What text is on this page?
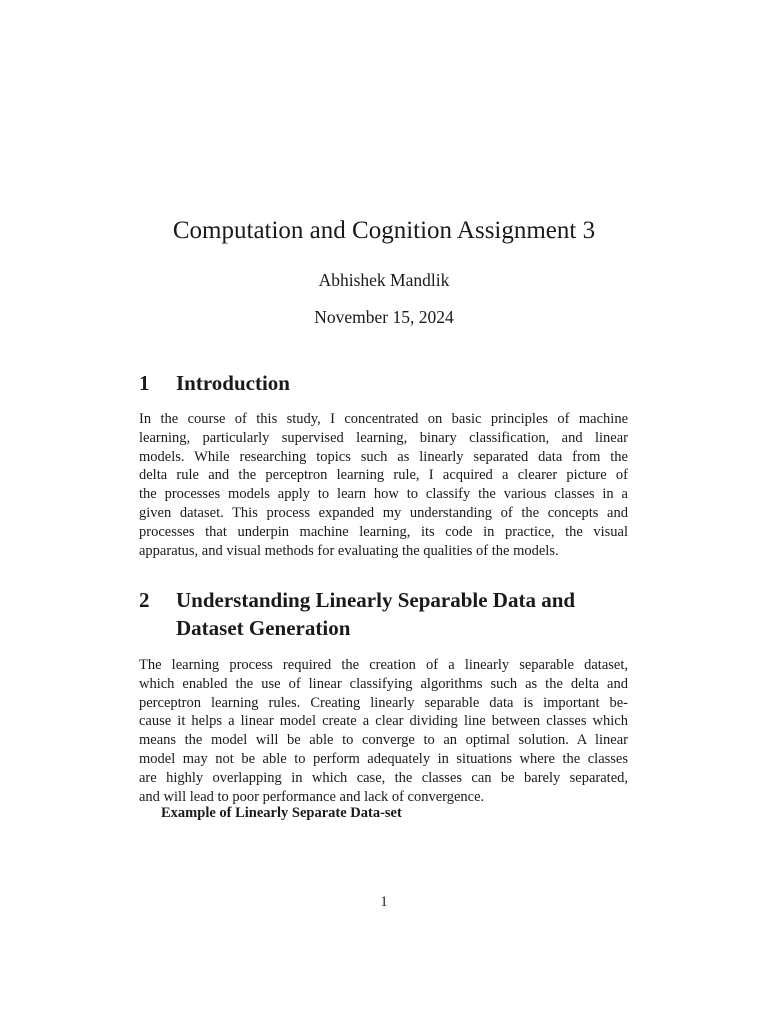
Computation and Cognition Assignment 3
Abhishek Mandlik
November 15, 2024
1	Introduction
In the course of this study, I concentrated on basic principles of machine
learning, particularly supervised learning, binary classification, and linear
models. While researching topics such as linearly separated data from the
delta rule and the perceptron learning rule, I acquired a clearer picture of
the processes models apply to learn how to classify the various classes in a
given dataset. This process expanded my understanding of the concepts and
processes that underpin machine learning, its code in practice, the visual
apparatus, and visual methods for evaluating the qualities of the models.
2	Understanding Linearly Separable Data and
Dataset Generation
The learning process required the creation of a linearly separable dataset,
which enabled the use of linear classifying algorithms such as the delta and
perceptron learning rules. Creating linearly separable data is important be-
cause it helps a linear model create a clear dividing line between classes which
means the model will be able to converge to an optimal solution. A linear
model may not be able to perform adequately in situations where the classes
are highly overlapping in which case, the classes can be barely separated,
and will lead to poor performance and lack of convergence.
Example of Linearly Separate Data-set
1
